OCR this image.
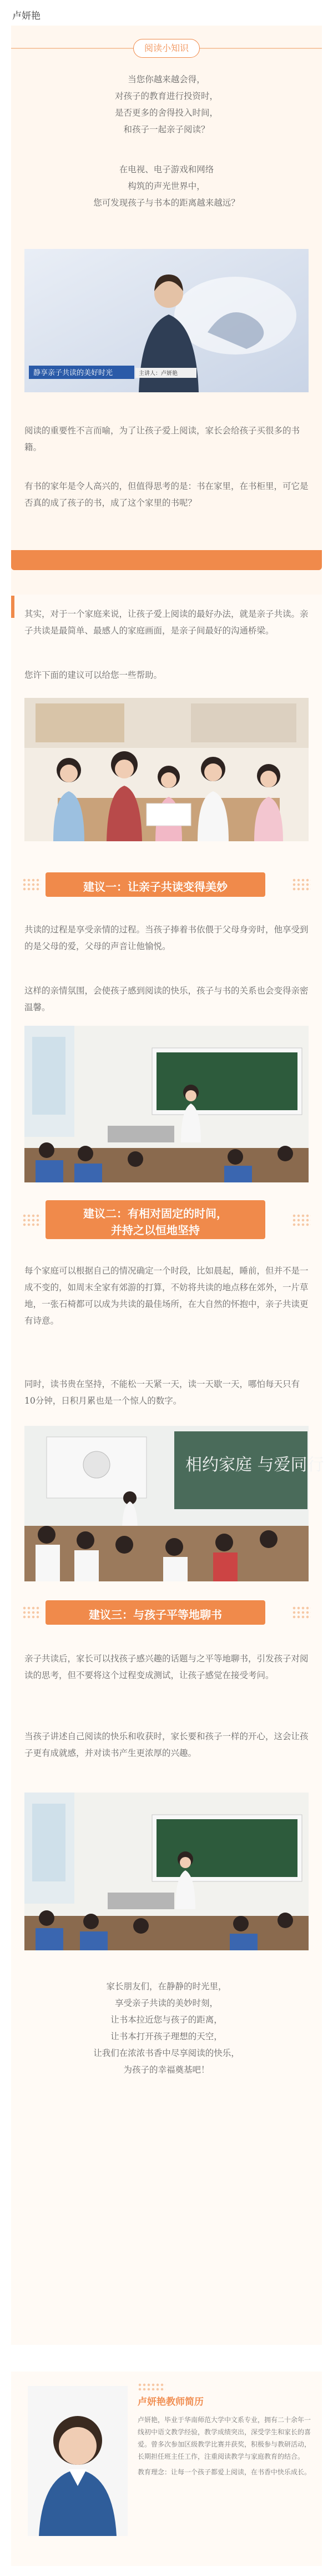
卢妍艳
阅读小知识
当您你越来越会得，
对孩子的教育进行投资时，
是否更多的舍得投入时间，
和孩子一起亲子阅读？
在电视、电子游戏和网络
构筑的声光世界中，
您可发现孩子与书本的距离越来越远？
静享亲子共读的美好时光	主讲人：卢妍艳
阅读的重要性不言而喻，为了让孩子爱上阅读，家长会给孩子买很多的书籍。
有书的家年是令人高兴的，但值得思考的是：书在家里，在书柜里，可它是否真的成了孩子的书，成了这个家里的书呢？
其实，对于一个家庭来说，让孩子爱上阅读的最好办法，就是亲子共读。亲子共读是最简单、最感人的家庭画面，是亲子间最好的沟通桥梁。
您许下面的建议可以给您一些帮助。
建议一：让亲子共读变得美妙
共读的过程是享受亲情的过程。当孩子捧着书依偎于父母身旁时，他享受到的是父母的爱，父母的声音让他愉悦。
这样的亲情氛围，会使孩子感到阅读的快乐，孩子与书的关系也会变得亲密温馨。
建议二：有相对固定的时间，
并持之以恒地坚持
每个家庭可以根据自己的情况确定一个时段，比如晨起，睡前，但并不是一成不变的，如周末全家有郊游的打算，不妨将共读的地点移在郊外，一片草地，一张石椅都可以成为共读的最佳场所，在大自然的怀抱中，亲子共读更有诗意。
同时，读书贵在坚持，不能松一天紧一天，读一天歇一天，哪怕每天只有10分钟，日积月累也是一个惊人的数字。
相约家庭 与爱同行
建议三：与孩子平等地聊书
亲子共读后，家长可以找孩子感兴趣的话题与之平等地聊书，引发孩子对阅读的思考，但不要将这个过程变成测试，让孩子感觉在接受考问。
当孩子讲述自己阅读的快乐和收获时，家长要和孩子一样的开心，这会让孩子更有成就感，并对读书产生更浓厚的兴趣。
家长朋友们，在静静的时光里，
享受亲子共读的美妙时刻，
让书本拉近您与孩子的距离，
让书本打开孩子理想的天空，
让我们在浓浓书香中尽享阅读的快乐，
为孩子的幸福奠基吧！
卢妍艳教师简历
卢妍艳，毕业于华南师范大学中文系专业，拥有二十余年一线初中语文教学经验，教学成绩突出，深受学生和家长的喜爱。曾多次参加区级教学比赛并获奖，积极参与教研活动，长期担任班主任工作，注重阅读教学与家庭教育的结合。
教育理念：让每一个孩子都爱上阅读，在书香中快乐成长。
